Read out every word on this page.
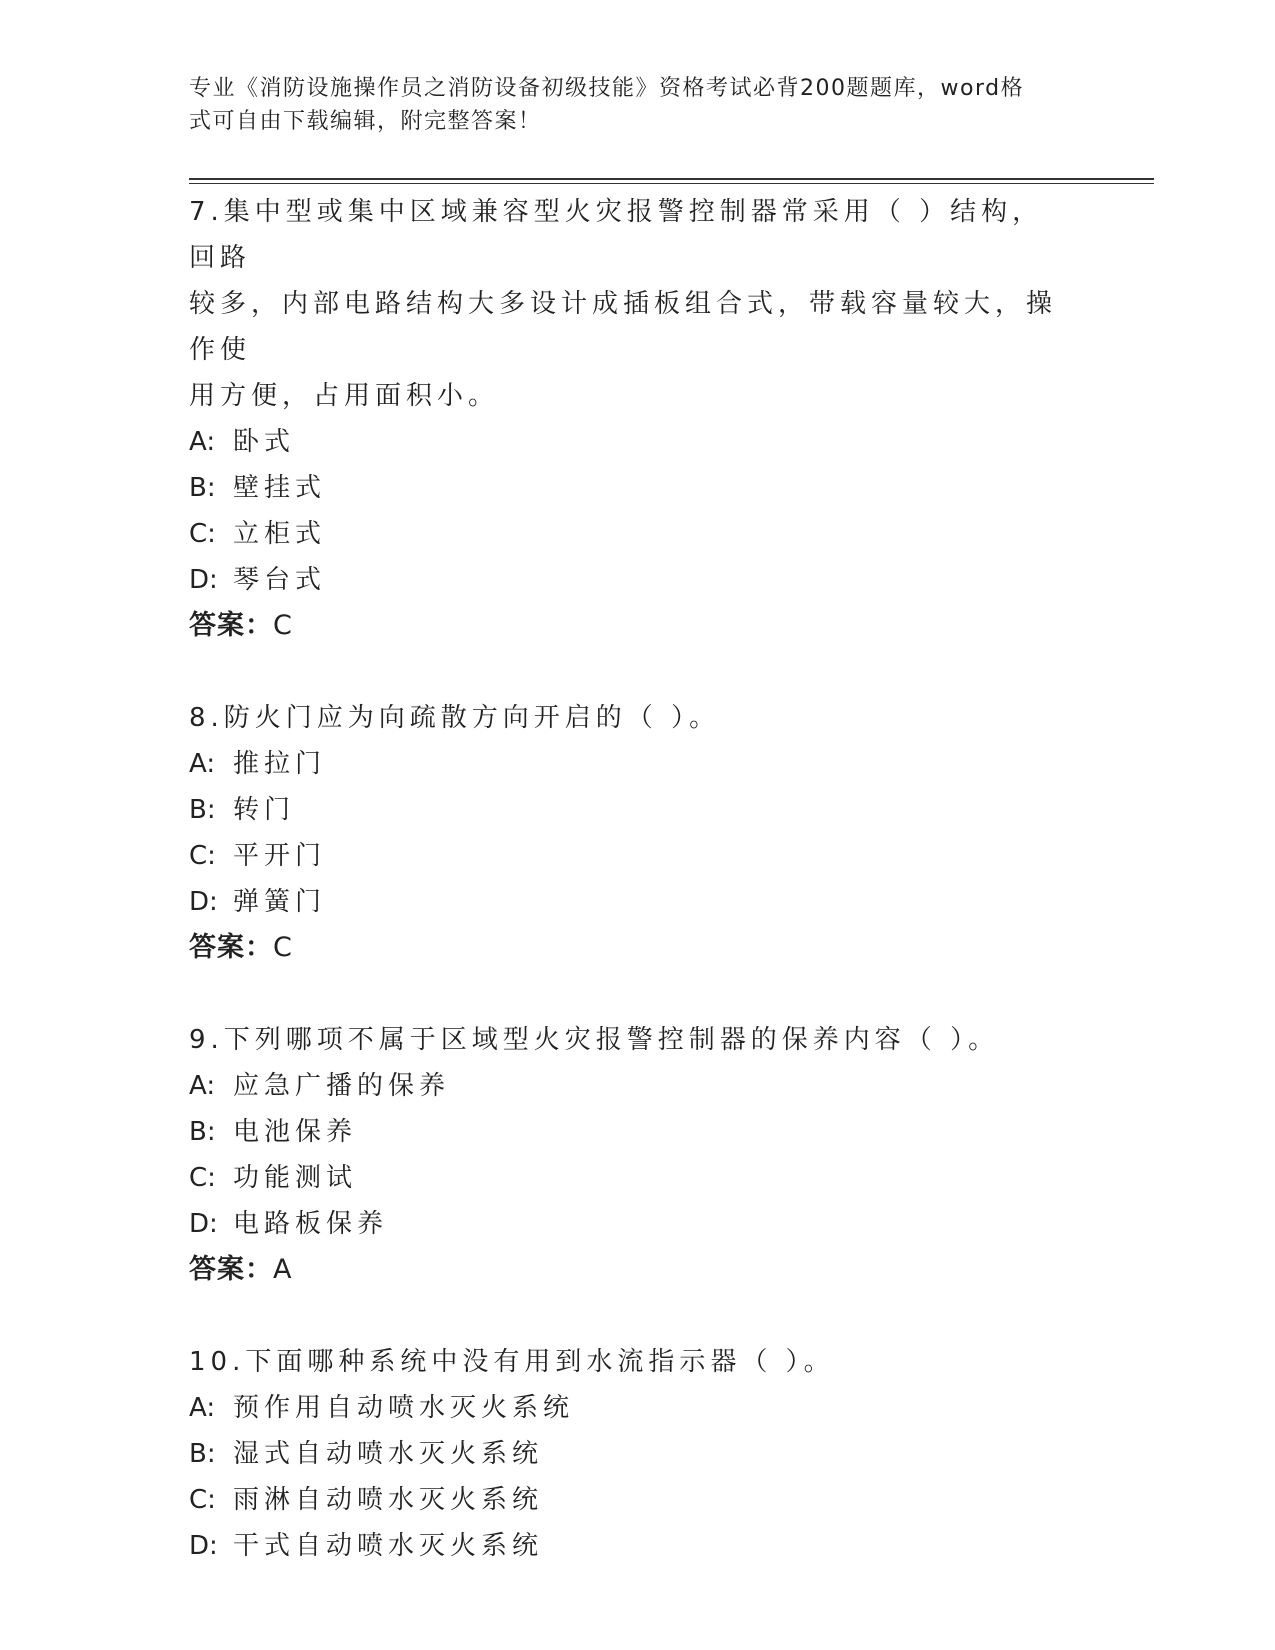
专业《消防设施操作员之消防设备初级技能》资格考试必背200题题库，word格
式可自由下载编辑，附完整答案！

7.集中型或集中区域兼容型火灾报警控制器常采用（ ）结构，回路

较多，内部电路结构大多设计成插板组合式，带载容量较大，操作使

用方便，占用面积小。

A: 卧式

B: 壁挂式

C: 立柜式

D: 琴台式

答案：C

8.防火门应为向疏散方向开启的（ ）。

A: 推拉门

B: 转门

C: 平开门

D: 弹簧门

答案：C

9.下列哪项不属于区域型火灾报警控制器的保养内容（ ）。

A: 应急广播的保养

B: 电池保养

C: 功能测试

D: 电路板保养

答案：A

10.下面哪种系统中没有用到水流指示器（ ）。

A: 预作用自动喷水灭火系统

B: 湿式自动喷水灭火系统

C: 雨淋自动喷水灭火系统

D: 干式自动喷水灭火系统
